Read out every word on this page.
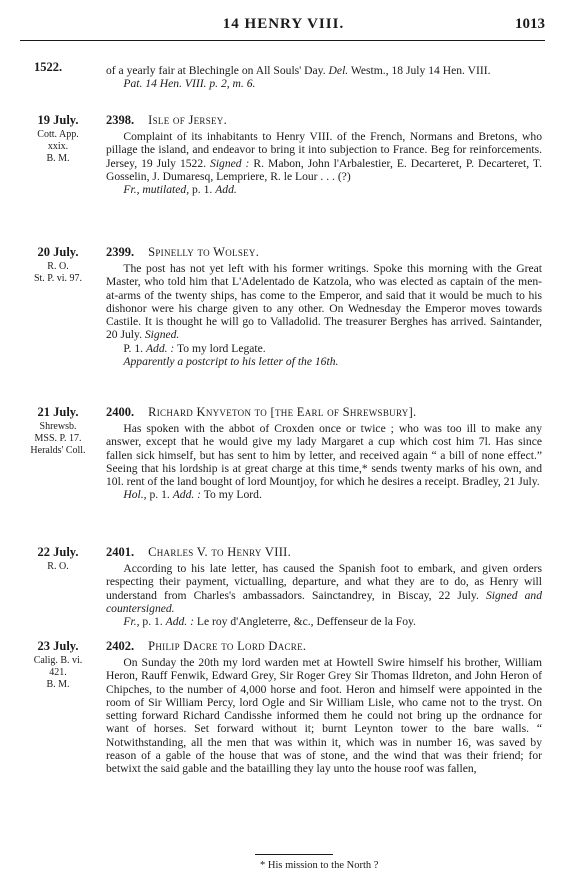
14 HENRY VIII.	1013
1522.	of a yearly fair at Blechingle on All Souls' Day. Del. Westm., 18 July 14 Hen. VIII.

Pat. 14 Hen. VIII. p. 2, m. 6.

19 July.
Cott. App.
xxix.
B. M.
2398. Isle of Jersey.

Complaint of its inhabitants to Henry VIII. of the French, Normans and Bretons, who pillage the island, and endeavor to bring it into subjection to France. Beg for reinforcements. Jersey, 19 July 1522. Signed : R. Mabon, John l'Arbalestier, E. Decarteret, P. Decarteret, T. Gosselin, J. Dumaresq, Lempriere, R. le Lour . . . (?)

Fr., mutilated, p. 1. Add.

20 July.
R. O.
St. P. vi. 97.
2399. Spinelly to Wolsey.

The post has not yet left with his former writings. Spoke this morning with the Great Master, who told him that L'Adelentado de Katzola, who was elected as captain of the men-at-arms of the twenty ships, has come to the Emperor, and said that it would be much to his dishonor were his charge given to any other. On Wednesday the Emperor moves towards Castile. It is thought he will go to Valladolid. The treasurer Berghes has arrived. Saintander, 20 July. Signed.

P. 1. Add. : To my lord Legate.

Apparently a postcript to his letter of the 16th.

21 July.
Shrewsb.
MSS. P. 17.
Heralds' Coll.
2400. Richard Knyveton to [the Earl of Shrewsbury].

Has spoken with the abbot of Croxden once or twice ; who was too ill to make any answer, except that he would give my lady Margaret a cup which cost him 7l. Has since fallen sick himself, but has sent to him by letter, and received again “ a bill of none effect.” Seeing that his lordship is at great charge at this time,* sends twenty marks of his own, and 10l. rent of the land bought of lord Mountjoy, for which he desires a receipt. Bradley, 21 July.

Hol., p. 1. Add. : To my Lord.

22 July.
R. O.
2401. Charles V. to Henry VIII.

According to his late letter, has caused the Spanish foot to embark, and given orders respecting their payment, victualling, departure, and what they are to do, as Henry will understand from Charles's ambassadors. Sainctandrey, in Biscay, 22 July. Signed and countersigned.

Fr., p. 1. Add. : Le roy d'Angleterre, &c., Deffenseur de la Foy.

23 July.
Calig. B. vi.
421.
B. M.
2402. Philip Dacre to Lord Dacre.

On Sunday the 20th my lord warden met at Howtell Swire himself his brother, William Heron, Rauff Fenwik, Edward Grey, Sir Roger Grey Sir Thomas Ildreton, and John Heron of Chipches, to the number of 4,000 horse and foot. Heron and himself were appointed in the room of Sir William Percy, lord Ogle and Sir William Lisle, who came not to the tryst. On setting forward Richard Candisshe informed them he could not bring up the ordnance for want of horses. Set forward without it; burnt Leynton tower to the bare walls. “ Notwithstanding, all the men that was within it, which was in number 16, was saved by reason of a gable of the house that was of stone, and the wind that was their friend; for betwixt the said gable and the batailling they lay unto the house roof was fallen,

* His mission to the North ?
